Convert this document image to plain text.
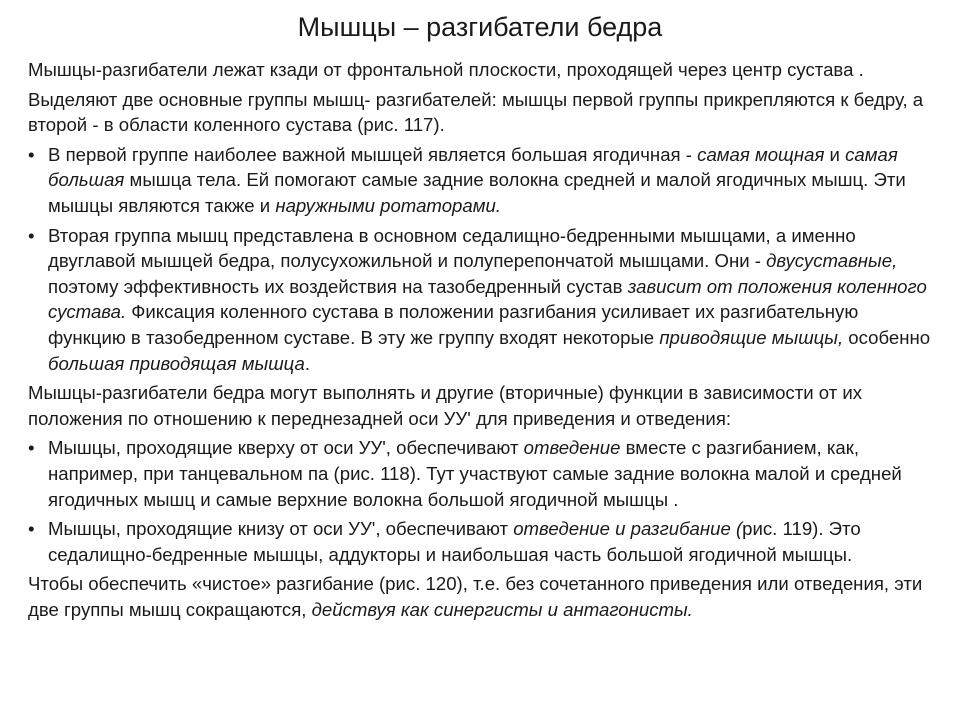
Мышцы – разгибатели бедра

Мышцы-разгибатели лежат кзади от фронтальной плоскости, проходящей через центр сустава .

Выделяют две основные группы мышц- разгибателей: мышцы первой группы прикрепляются к бедру, а второй - в области коленного сустава (рис. 117).

• В первой группе наиболее важной мышцей является большая ягодичная - самая мощная и самая большая мышца тела. Ей помогают самые задние волокна средней и малой ягодичных мышц. Эти мышцы являются также и наружными ротаторами.
• Вторая группа мышц представлена в основном седалищно-бедренными мышцами, а именно двуглавой мышцей бедра, полусухожильной и полуперепончатой мышцами. Они - двусуставные, поэтому эффективность их воздействия на тазобедренный сустав зависит от положения коленного сустава. Фиксация коленного сустава в положении разгибания усиливает их разгибательную функцию в тазобедренном суставе. В эту же группу входят некоторые приводящие мышцы, особенно большая приводящая мышца.

Мышцы-разгибатели бедра могут выполнять и другие (вторичные) функции в зависимости от их положения по отношению к переднезадней оси УУ' для приведения и отведения:

• Мышцы, проходящие кверху от оси УУ', обеспечивают отведение вместе с разгибанием, как, например, при танцевальном па (рис. 118). Тут участвуют самые задние волокна малой и средней ягодичных мышц и самые верхние волокна большой ягодичной мышцы .
• Мышцы, проходящие книзу от оси УУ', обеспечивают отведение и разгибание (рис. 119). Это седалищно-бедренные мышцы, аддукторы и наибольшая часть большой ягодичной мышцы.

Чтобы обеспечить «чистое» разгибание (рис. 120), т.е. без сочетанного приведения или отведения, эти две группы мышц сокращаются, действуя как синергисты и антагонисты.
